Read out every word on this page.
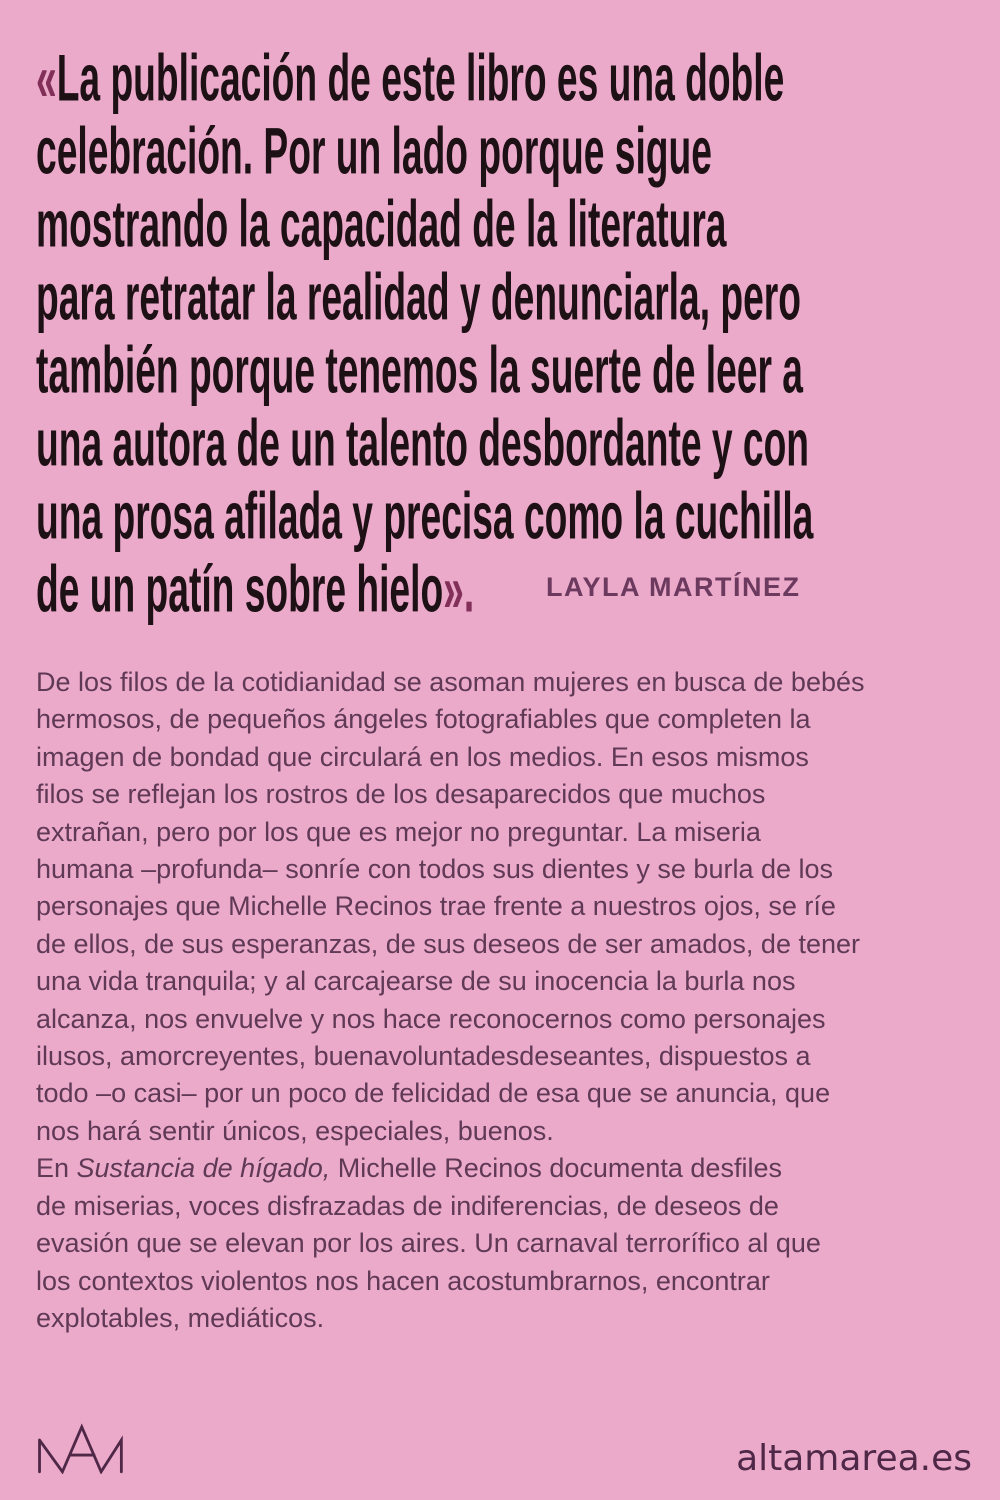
«La publicación de este libro es una doble
celebración. Por un lado porque sigue
mostrando la capacidad de la literatura
para retratar la realidad y denunciarla, pero
también porque tenemos la suerte de leer a
una autora de un talento desbordante y con
una prosa afilada y precisa como la cuchilla
de un patín sobre hielo».	LAYLA MARTÍNEZ
De los filos de la cotidianidad se asoman mujeres en busca de bebés
hermosos, de pequeños ángeles fotografiables que completen la
imagen de bondad que circulará en los medios. En esos mismos
filos se reflejan los rostros de los desaparecidos que muchos
extrañan, pero por los que es mejor no preguntar. La miseria
humana –profunda– sonríe con todos sus dientes y se burla de los
personajes que Michelle Recinos trae frente a nuestros ojos, se ríe
de ellos, de sus esperanzas, de sus deseos de ser amados, de tener
una vida tranquila; y al carcajearse de su inocencia la burla nos
alcanza, nos envuelve y nos hace reconocernos como personajes
ilusos, amorcreyentes, buenavoluntadesdeseantes, dispuestos a
todo –o casi– por un poco de felicidad de esa que se anuncia, que
nos hará sentir únicos, especiales, buenos.
En Sustancia de hígado, Michelle Recinos documenta desfiles
de miserias, voces disfrazadas de indiferencias, de deseos de
evasión que se elevan por los aires. Un carnaval terrorífico al que
los contextos violentos nos hacen acostumbrarnos, encontrar
explotables, mediáticos.
altamarea.es
